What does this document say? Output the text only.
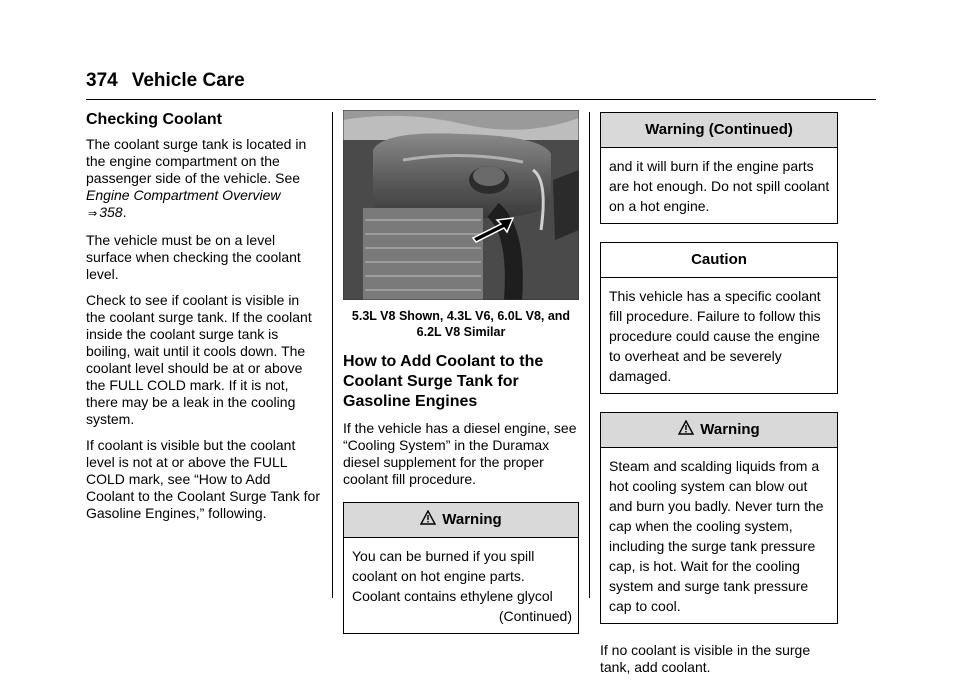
374 Vehicle Care
Checking Coolant

The coolant surge tank is located in the engine compartment on the passenger side of the vehicle. See Engine Compartment Overview ⇒ 358.

The vehicle must be on a level surface when checking the coolant level.

Check to see if coolant is visible in the coolant surge tank. If the coolant inside the coolant surge tank is boiling, wait until it cools down. The coolant level should be at or above the FULL COLD mark. If it is not, there may be a leak in the cooling system.

If coolant is visible but the coolant level is not at or above the FULL COLD mark, see “How to Add Coolant to the Coolant Surge Tank for Gasoline Engines,” following.

5.3L V8 Shown, 4.3L V6, 6.0L V8, and 6.2L V8 Similar
How to Add Coolant to the Coolant Surge Tank for Gasoline Engines

If the vehicle has a diesel engine, see “Cooling System” in the Duramax diesel supplement for the proper coolant fill procedure.

Warning
You can be burned if you spill coolant on hot engine parts. Coolant contains ethylene glycol
(Continued)
Warning (Continued)
and it will burn if the engine parts are hot enough. Do not spill coolant on a hot engine.
Caution
This vehicle has a specific coolant fill procedure. Failure to follow this procedure could cause the engine to overheat and be severely damaged.
Warning
Steam and scalding liquids from a hot cooling system can blow out and burn you badly. Never turn the cap when the cooling system, including the surge tank pressure cap, is hot. Wait for the cooling system and surge tank pressure cap to cool.

If no coolant is visible in the surge tank, add coolant.
